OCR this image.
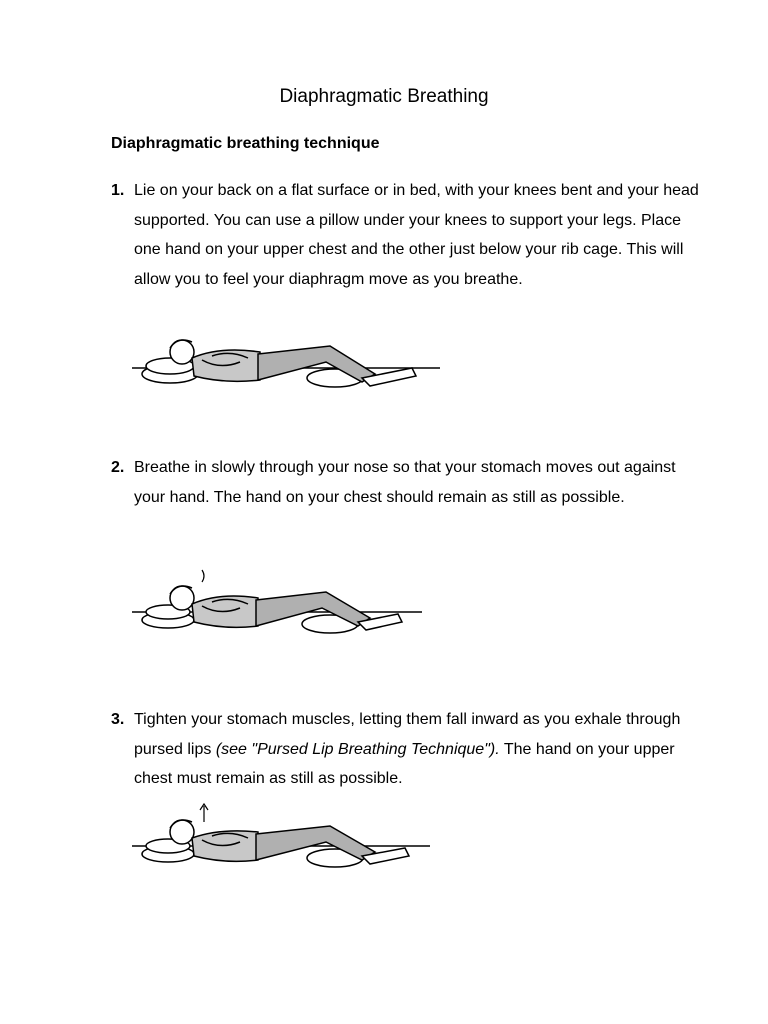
Diaphragmatic Breathing
Diaphragmatic breathing technique
1. Lie on your back on a flat surface or in bed, with your knees bent and your head supported. You can use a pillow under your knees to support your legs. Place one hand on your upper chest and the other just below your rib cage. This will allow you to feel your diaphragm move as you breathe.
2. Breathe in slowly through your nose so that your stomach moves out against your hand. The hand on your chest should remain as still as possible.
3. Tighten your stomach muscles, letting them fall inward as you exhale through pursed lips (see "Pursed Lip Breathing Technique"). The hand on your upper chest must remain as still as possible.
